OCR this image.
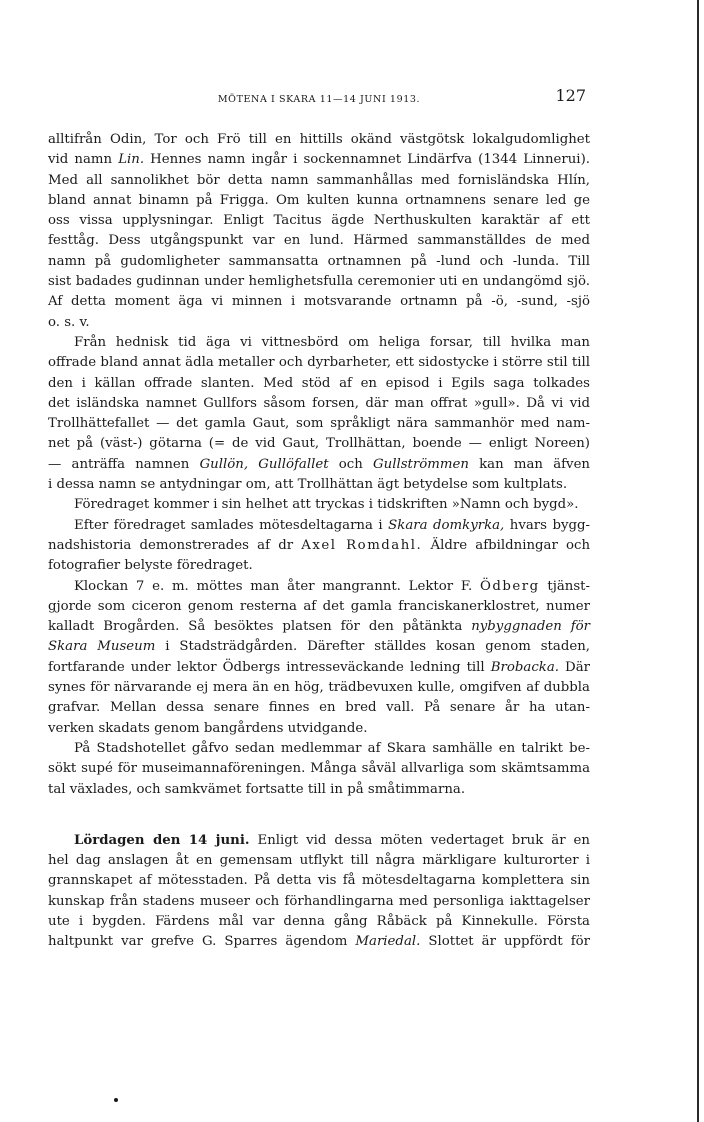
MÖTENA I SKARA 11—14 JUNI 1913.	127

alltifrån Odin, Tor och Frö till en hittills okänd västgötsk lokalgudomlighet

vid namn Lin. Hennes namn ingår i sockennamnet Lindärfva (1344 Linnerui).

Med all sannolikhet bör detta namn sammanhållas med fornisländska Hlín,

bland annat binamn på Frigga. Om kulten kunna ortnamnens senare led ge

oss vissa upplysningar. Enligt Tacitus ägde Nerthuskulten karaktär af ett

festtåg. Dess utgångspunkt var en lund. Härmed sammanställdes de med

namn på gudomligheter sammansatta ortnamnen på -lund och -lunda. Till

sist badades gudinnan under hemlighetsfulla ceremonier uti en undangömd sjö.

Af detta moment äga vi minnen i motsvarande ortnamn på -ö, -sund, -sjö

o. s. v.

Från hednisk tid äga vi vittnesbörd om heliga forsar, till hvilka man

offrade bland annat ädla metaller och dyrbarheter, ett sidostycke i större stil till

den i källan offrade slanten. Med stöd af en episod i Egils saga tolkades

det isländska namnet Gullfors såsom forsen, där man offrat »gull». Då vi vid

Trollhättefallet — det gamla Gaut, som språkligt nära sammanhör med nam-

net på (väst-) götarna (= de vid Gaut, Trollhättan, boende — enligt Noreen)

— anträffa namnen Gullön, Gullöfallet och Gullströmmen kan man äfven

i dessa namn se antydningar om, att Trollhättan ägt betydelse som kultplats.

Föredraget kommer i sin helhet att tryckas i tidskriften »Namn och bygd».

Efter föredraget samlades mötesdeltagarna i Skara domkyrka, hvars bygg-

nadshistoria demonstrerades af dr Axel Romdahl. Äldre afbildningar och

fotografier belyste föredraget.

Klockan 7 e. m. möttes man åter mangrannt. Lektor F. Ödberg tjänst-

gjorde som ciceron genom resterna af det gamla franciskanerklostret, numer

kalladt Brogården. Så besöktes platsen för den påtänkta nybyggnaden för

Skara Museum i Stadsträdgården. Därefter ställdes kosan genom staden,

fortfarande under lektor Ödbergs intresseväckande ledning till Brobacka. Där

synes för närvarande ej mera än en hög, trädbevuxen kulle, omgifven af dubbla

grafvar. Mellan dessa senare finnes en bred vall. På senare år ha utan-

verken skadats genom bangårdens utvidgande.

På Stadshotellet gåfvo sedan medlemmar af Skara samhälle en talrikt be-

sökt supé för museimannaföreningen. Många såväl allvarliga som skämtsamma

tal växlades, och samkvämet fortsatte till in på småtimmarna.

Lördagen den 14 juni. Enligt vid dessa möten vedertaget bruk är en

hel dag anslagen åt en gemensam utflykt till några märkligare kulturorter i

grannskapet af mötesstaden. På detta vis få mötesdeltagarna komplettera sin

kunskap från stadens museer och förhandlingarna med personliga iakttagelser

ute i bygden. Färdens mål var denna gång Råbäck på Kinnekulle. Första

haltpunkt var grefve G. Sparres ägendom Mariedal. Slottet är uppfördt för
